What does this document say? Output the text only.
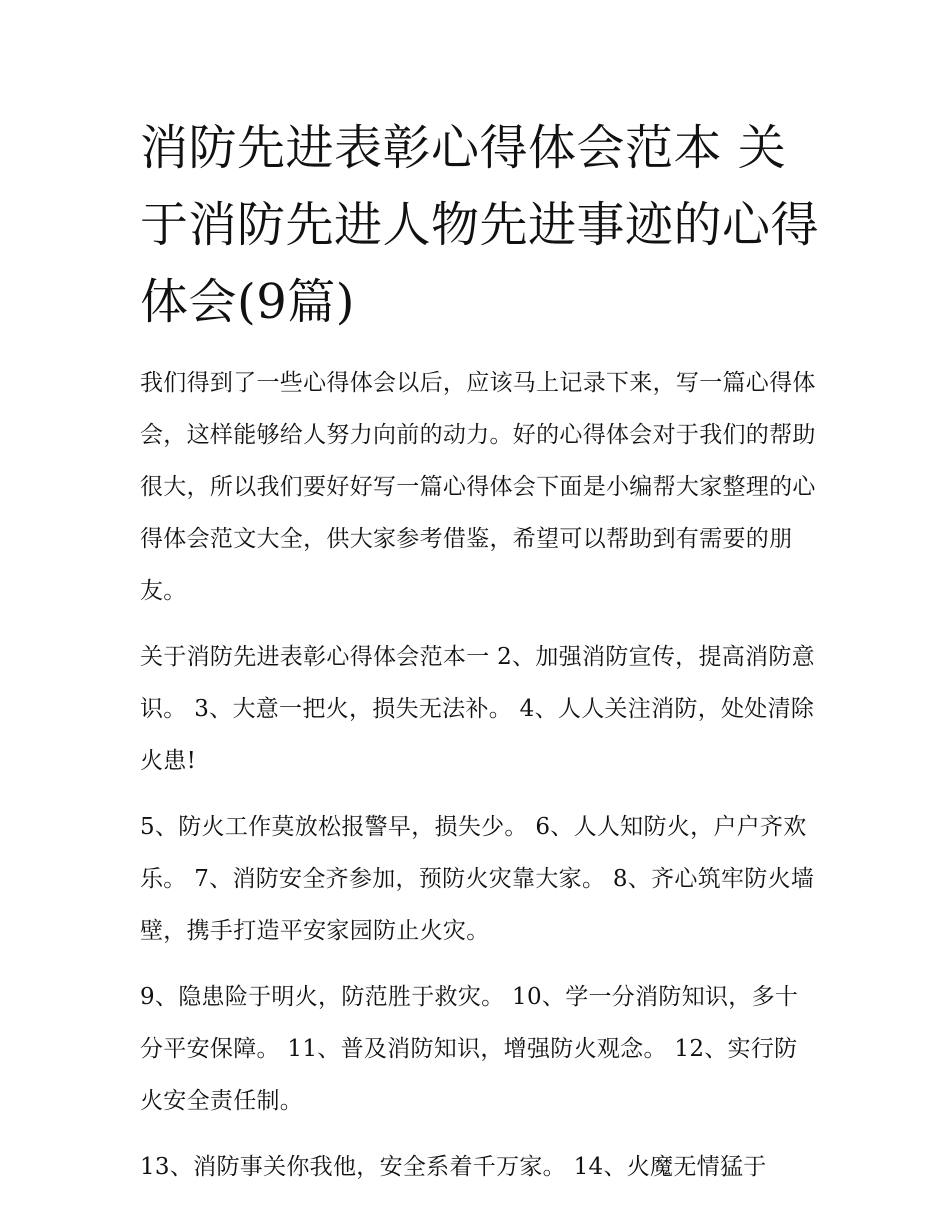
消防先进表彰心得体会范本 关于消防先进人物先进事迹的心得体会(9篇)

我们得到了一些心得体会以后，应该马上记录下来，写一篇心得体会，这样能够给人努力向前的动力。好的心得体会对于我们的帮助很大，所以我们要好好写一篇心得体会下面是小编帮大家整理的心得体会范文大全，供大家参考借鉴，希望可以帮助到有需要的朋友。

关于消防先进表彰心得体会范本一 2、加强消防宣传，提高消防意识。 3、大意一把火，损失无法补。 4、人人关注消防，处处清除火患!

5、防火工作莫放松报警早，损失少。 6、人人知防火，户户齐欢乐。 7、消防安全齐参加，预防火灾靠大家。 8、齐心筑牢防火墙壁，携手打造平安家园防止火灾。

9、隐患险于明火，防范胜于救灾。 10、学一分消防知识，多十分平安保障。 11、普及消防知识，增强防火观念。 12、实行防火安全责任制。

13、消防事关你我他，安全系着千万家。 14、火魔无情猛于
